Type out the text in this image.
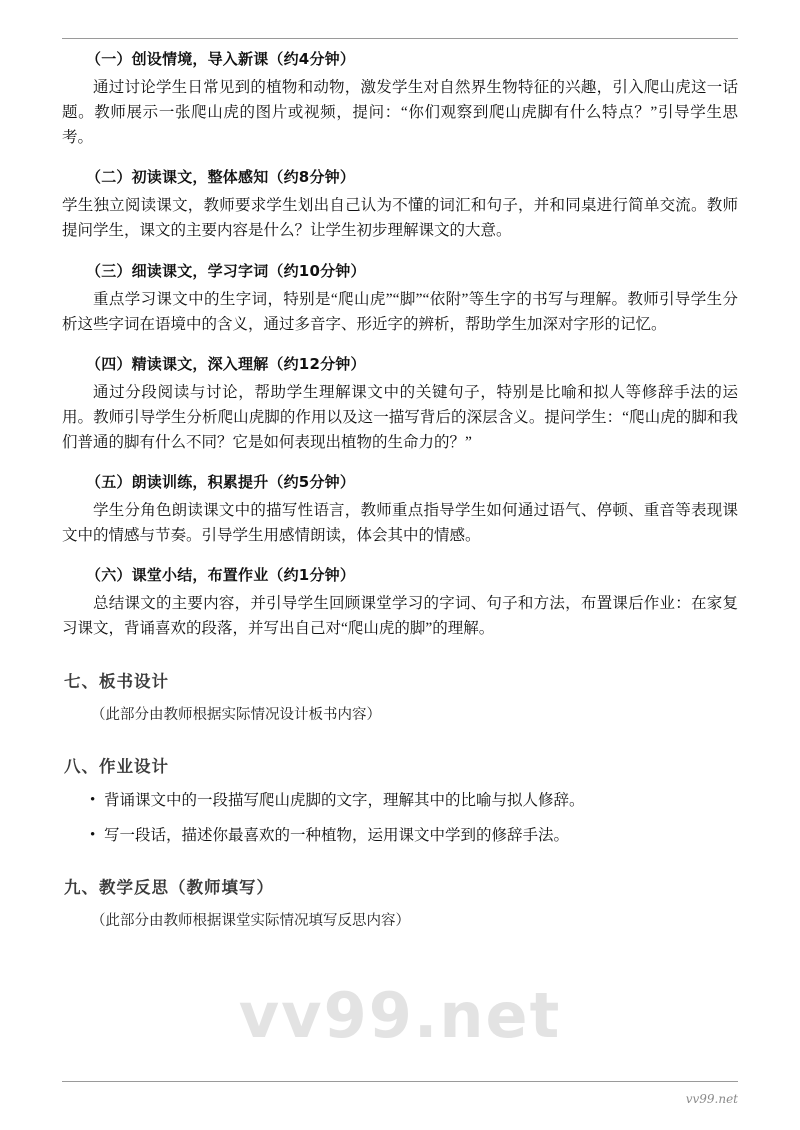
vv99.net

（一）创设情境，导入新课（约4分钟）

通过讨论学生日常见到的植物和动物，激发学生对自然界生物特征的兴趣，引入爬山虎这一话题。教师展示一张爬山虎的图片或视频，提问：“你们观察到爬山虎脚有什么特点？”引导学生思考。

（二）初读课文，整体感知（约8分钟）

学生独立阅读课文，教师要求学生划出自己认为不懂的词汇和句子，并和同桌进行简单交流。教师提问学生，课文的主要内容是什么？让学生初步理解课文的大意。

（三）细读课文，学习字词（约10分钟）

重点学习课文中的生字词，特别是“爬山虎”“脚”“依附”等生字的书写与理解。教师引导学生分析这些字词在语境中的含义，通过多音字、形近字的辨析，帮助学生加深对字形的记忆。

（四）精读课文，深入理解（约12分钟）

通过分段阅读与讨论，帮助学生理解课文中的关键句子，特别是比喻和拟人等修辞手法的运用。教师引导学生分析爬山虎脚的作用以及这一描写背后的深层含义。提问学生：“爬山虎的脚和我们普通的脚有什么不同？它是如何表现出植物的生命力的？”

（五）朗读训练，积累提升（约5分钟）

学生分角色朗读课文中的描写性语言，教师重点指导学生如何通过语气、停顿、重音等表现课文中的情感与节奏。引导学生用感情朗读，体会其中的情感。

（六）课堂小结，布置作业（约1分钟）

总结课文的主要内容，并引导学生回顾课堂学习的字词、句子和方法，布置课后作业：在家复习课文，背诵喜欢的段落，并写出自己对“爬山虎的脚”的理解。

七、板书设计

（此部分由教师根据实际情况设计板书内容）

八、作业设计
• 背诵课文中的一段描写爬山虎脚的文字，理解其中的比喻与拟人修辞。
• 写一段话，描述你最喜欢的一种植物，运用课文中学到的修辞手法。
九、教学反思（教师填写）

（此部分由教师根据课堂实际情况填写反思内容）

vv99.net
